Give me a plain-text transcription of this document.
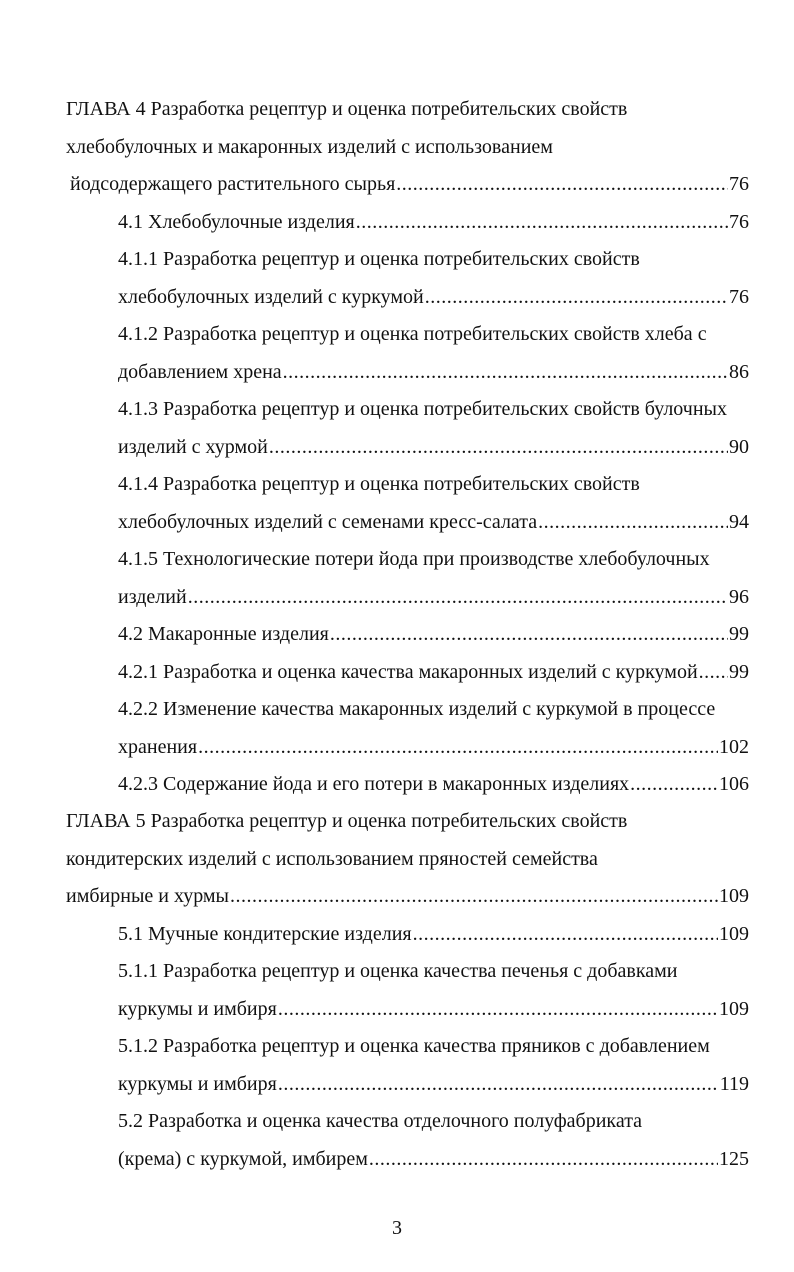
ГЛАВА 4 Разработка рецептур и оценка потребительских свойств
хлебобулочных и макаронных изделий с использованием
йодсодержащего растительного сырья .....	76
4.1 Хлебобулочные изделия .....	76
4.1.1 Разработка рецептур и оценка потребительских свойств
хлебобулочных изделий с куркумой .....	76
4.1.2 Разработка рецептур и оценка потребительских свойств хлеба с
добавлением хрена .....	86
4.1.3 Разработка рецептур и оценка потребительских свойств булочных
изделий с хурмой .....	90
4.1.4 Разработка рецептур и оценка потребительских свойств
хлебобулочных изделий с семенами кресс-салата .....	94
4.1.5 Технологические потери йода при производстве хлебобулочных
изделий .....	96
4.2 Макаронные изделия .....	99
4.2.1 Разработка и оценка качества макаронных изделий с куркумой ..... 99
4.2.2 Изменение качества макаронных изделий с куркумой в процессе
хранения .....	102
4.2.3 Содержание йода и его потери в макаронных изделиях .....	106
ГЛАВА 5 Разработка рецептур и оценка потребительских свойств
кондитерских изделий с использованием пряностей семейства
имбирные и хурмы .....	109
5.1 Мучные кондитерские изделия .....	109
5.1.1 Разработка рецептур и оценка качества печенья с добавками
куркумы и имбиря .....	109
5.1.2 Разработка рецептур и оценка качества пряников с добавлением
куркумы и имбиря .....	119
5.2 Разработка и оценка качества отделочного полуфабриката
(крема) с куркумой, имбирем .....	125
3
